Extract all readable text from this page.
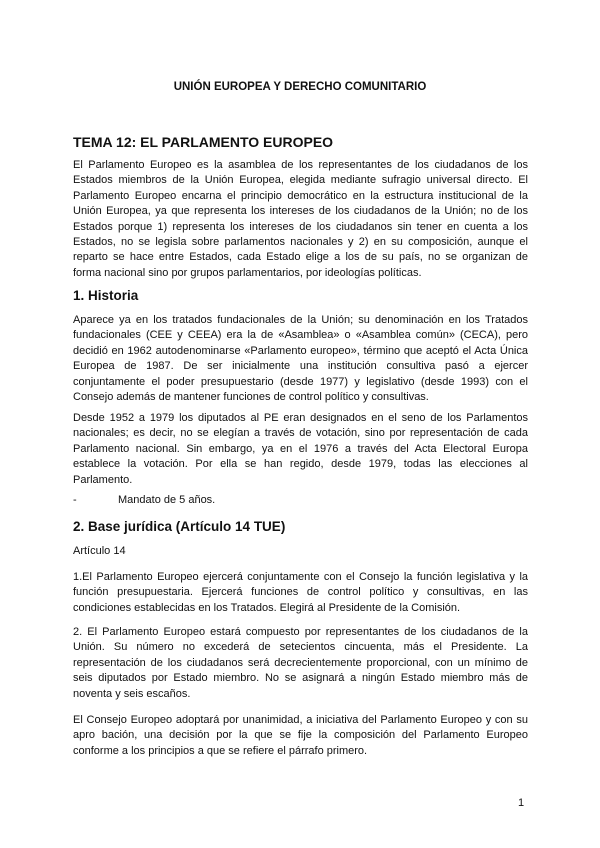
UNIÓN EUROPEA Y DERECHO COMUNITARIO
TEMA 12: EL PARLAMENTO EUROPEO
El Parlamento Europeo es la asamblea de los representantes de los ciudadanos de los
Estados miembros de la Unión Europea, elegida mediante sufragio universal directo. El
Parlamento Europeo encarna el principio democrático en la estructura institucional de la
Unión Europea, ya que representa los intereses de los ciudadanos de la Unión; no de los
Estados porque 1) representa los intereses de los ciudadanos sin tener en cuenta a los
Estados, no se legisla sobre parlamentos nacionales y 2) en su composición, aunque el
reparto se hace entre Estados, cada Estado elige a los de su país, no se organizan de
forma nacional sino por grupos parlamentarios, por ideologías políticas.
1. Historia
Aparece ya en los tratados fundacionales de la Unión; su denominación en los Tratados
fundacionales (CEE y CEEA) era la de «Asamblea» o «Asamblea común» (CECA), pero
decidió en 1962 autodenominarse «Parlamento europeo», término que aceptó el Acta Única
Europea de 1987. De ser inicialmente una institución consultiva pasó a ejercer
conjuntamente el poder presupuestario (desde 1977) y legislativo (desde 1993) con el
Consejo además de mantener funciones de control político y consultivas.
Desde 1952 a 1979 los diputados al PE eran designados en el seno de los Parlamentos
nacionales; es decir, no se elegían a través de votación, sino por representación de cada
Parlamento nacional. Sin embargo, ya en el 1976 a través del Acta Electoral Europa
establece la votación. Por ella se han regido, desde 1979, todas las elecciones al
Parlamento.
-	Mandato de 5 años.
2. Base jurídica (Artículo 14 TUE)
Artículo 14
1.El Parlamento Europeo ejercerá conjuntamente con el Consejo la función legislativa y la
función presupuestaria. Ejercerá funciones de control político y consultivas, en las
condiciones establecidas en los Tratados. Elegirá al Presidente de la Comisión.
2. El Parlamento Europeo estará compuesto por representantes de los ciudadanos de la
Unión. Su número no excederá de setecientos cincuenta, más el Presidente. La
representación de los ciudadanos será decrecientemente proporcional, con un mínimo de
seis diputados por Estado miembro. No se asignará a ningún Estado miembro más de
noventa y seis escaños.
El Consejo Europeo adoptará por unanimidad, a iniciativa del Parlamento Europeo y con su
apro bación, una decisión por la que se fije la composición del Parlamento Europeo
conforme a los principios a que se refiere el párrafo primero.
1
